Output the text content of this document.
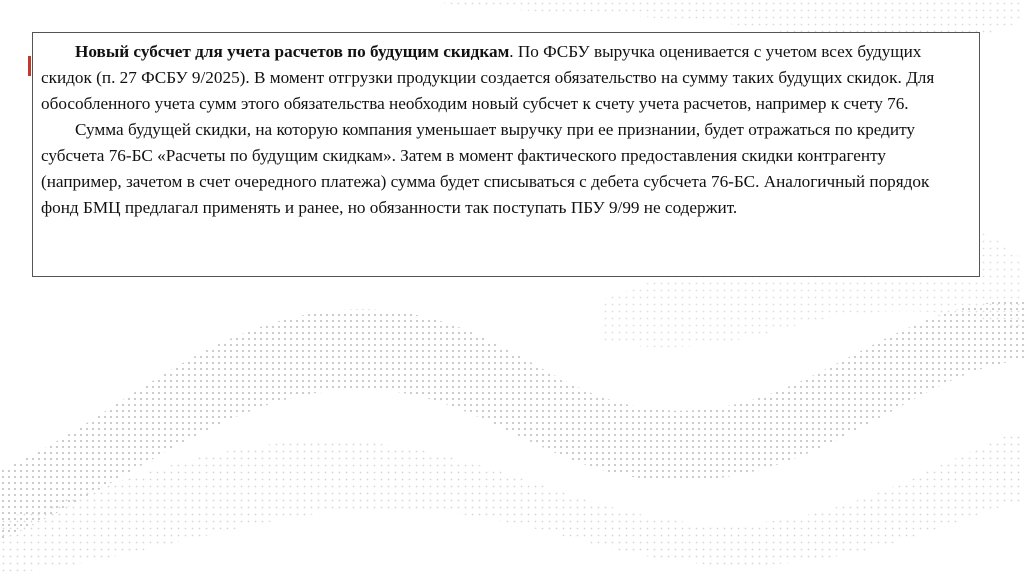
Новый субсчет для учета расчетов по будущим скидкам. По ФСБУ выручка оценивается с учетом всех будущих скидок (п. 27 ФСБУ 9/2025). В момент отгрузки продукции создается обязательство на сумму таких будущих скидок. Для обособленного учета сумм этого обязательства необходим новый субсчет к счету учета расчетов, например к счету 76.

Сумма будущей скидки, на которую компания уменьшает выручку при ее признании, будет отражаться по кредиту субсчета 76-БС «Расчеты по будущим скидкам». Затем в момент фактического предоставления скидки контрагенту (например, зачетом в счет очередного платежа) сумма будет списываться с дебета субсчета 76-БС. Аналогичный порядок фонд БМЦ предлагал применять и ранее, но обязанности так поступать ПБУ 9/99 не содержит.
